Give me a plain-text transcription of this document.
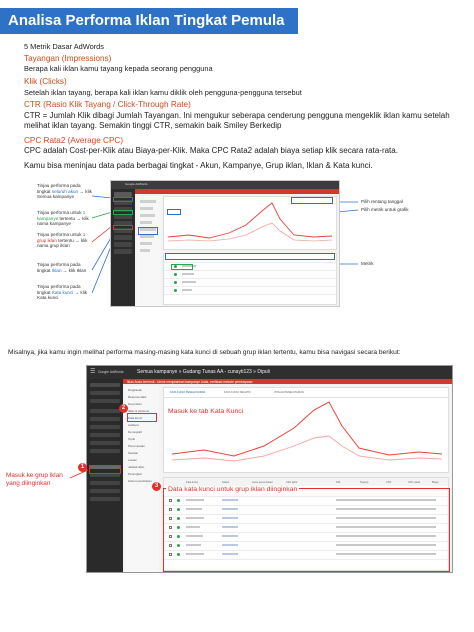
Analisa Performa Iklan Tingkat Pemula
5 Metrik Dasar AdWords
Tayangan (Impressions)
Berapa kali iklan kamu tayang kepada seorang pengguna
Klik (Clicks)
Setelah iklan tayang, berapa kali iklan kamu diklik oleh pengguna-pengguna tersebut
CTR (Rasio Klik Tayang / Click-Through Rate)
CTR = Jumlah Klik dibagi Jumlah Tayangan. Ini mengukur seberapa cenderung pengguna mengeklik iklan kamu setelah melihat iklan tayang. Semakin tinggi CTR, semakin baik Smiley Berkedip
CPC Rata2 (Average CPC)
CPC adalah Cost-per-Klik atau Biaya-per-Klik. Maka CPC Rata2 adalah biaya setiap klik secara rata-rata.
Kamu bisa meninjau data pada berbagai tingkat - Akun, Kampanye, Grup iklan, Iklan & Kata kunci.
Tinjau performa pada tingkat seluruh akun → klik Semua kampanye
Tinjau performa untuk 1 kampanye tertentu → klik nama kampanye
Tinjau performa untuk 1 grup iklan tertentu → klik nama grup iklan
Tinjau performa pada tingkat Iklan → klik Iklan
Tinjau performa pada tingkat Kata kunci → klik Kata kunci
Pilih rentang tanggal
Pilih metrik untuk grafik
Metrik
Google AdWords
Misalnya, jika kamu ingin melihat performa masing-masing kata kunci di sebuah grup iklan tertentu, kamu bisa navigasi secara berikut:
☰ Google AdWords	Semua kampanye » Gudang Tunas AA - cunayti123 » Dipuli
Iklan Anda berhenti - Untuk menjalankan kampanye Anda, verifikasi metode pembayaran
Ringkasan
Rekomendasi
Grup iklan
Iklan & ekstensi
Kata kunci
Audiens
Demografi
Topik
Penempatan
Setelan
Lokasi
Jadwal iklan
Perangkat
Histori perubahan
KATA KUNCI PENELUSURAN	KATA KUNCI NEGATIF	ISTILAH PENELUSURAN
Kata kunci	Status	Jenis pencocokan	URL akhir	Klik	Tayang	CTR	CPC rata2	Biaya
1
2
3
Masuk ke tab Kata Kunci
Data kata kunci untuk grup iklan diinginkan
Masuk ke grup iklan yang diinginkan
